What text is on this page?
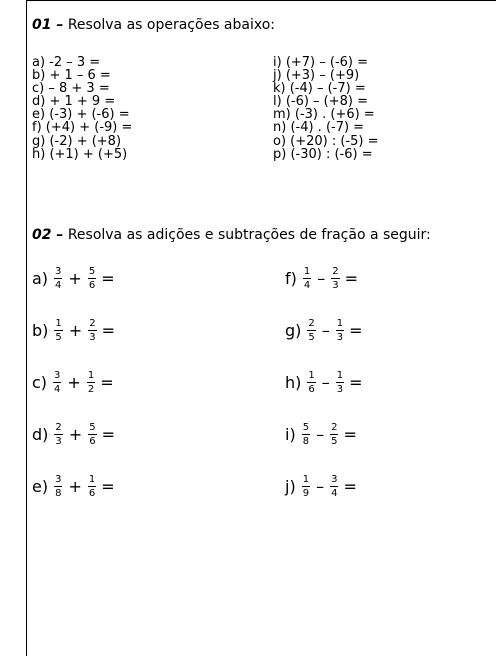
01 – Resolva as operações abaixo:
a) -2 – 3 =
b) + 1 – 6 =
c) – 8 + 3 =
d) + 1 + 9 =
e) (-3) + (-6) =
f) (+4) + (-9) =
g) (-2) + (+8)
h) (+1) + (+5)
i) (+7) – (-6) =
j) (+3) – (+9)
k) (-4) – (-7) =
l) (-6) – (+8) =
m) (-3) . (+6) =
n) (-4) . (-7) =
o) (+20) : (-5) =
p) (-30) : (-6) =
02 – Resolva as adições e subtrações de fração a seguir:
$a) \frac{3}{4} + \frac{5}{6}$ =
$b) \frac{1}{5} + \frac{2}{3}$ =
$c) \frac{3}{4} + \frac{1}{2}$ =
$d) \frac{2}{3} + \frac{5}{6}$ =
$e) \frac{3}{8} + \frac{1}{6}$ =
$f) \frac{1}{4} - \frac{2}{3}$ =
$g) \frac{2}{5} - \frac{1}{3}$ =
$h) \frac{1}{6} - \frac{1}{3}$ =
$i) \frac{5}{8} - \frac{2}{5}$ =
$j) \frac{1}{9} - \frac{3}{4}$ =
